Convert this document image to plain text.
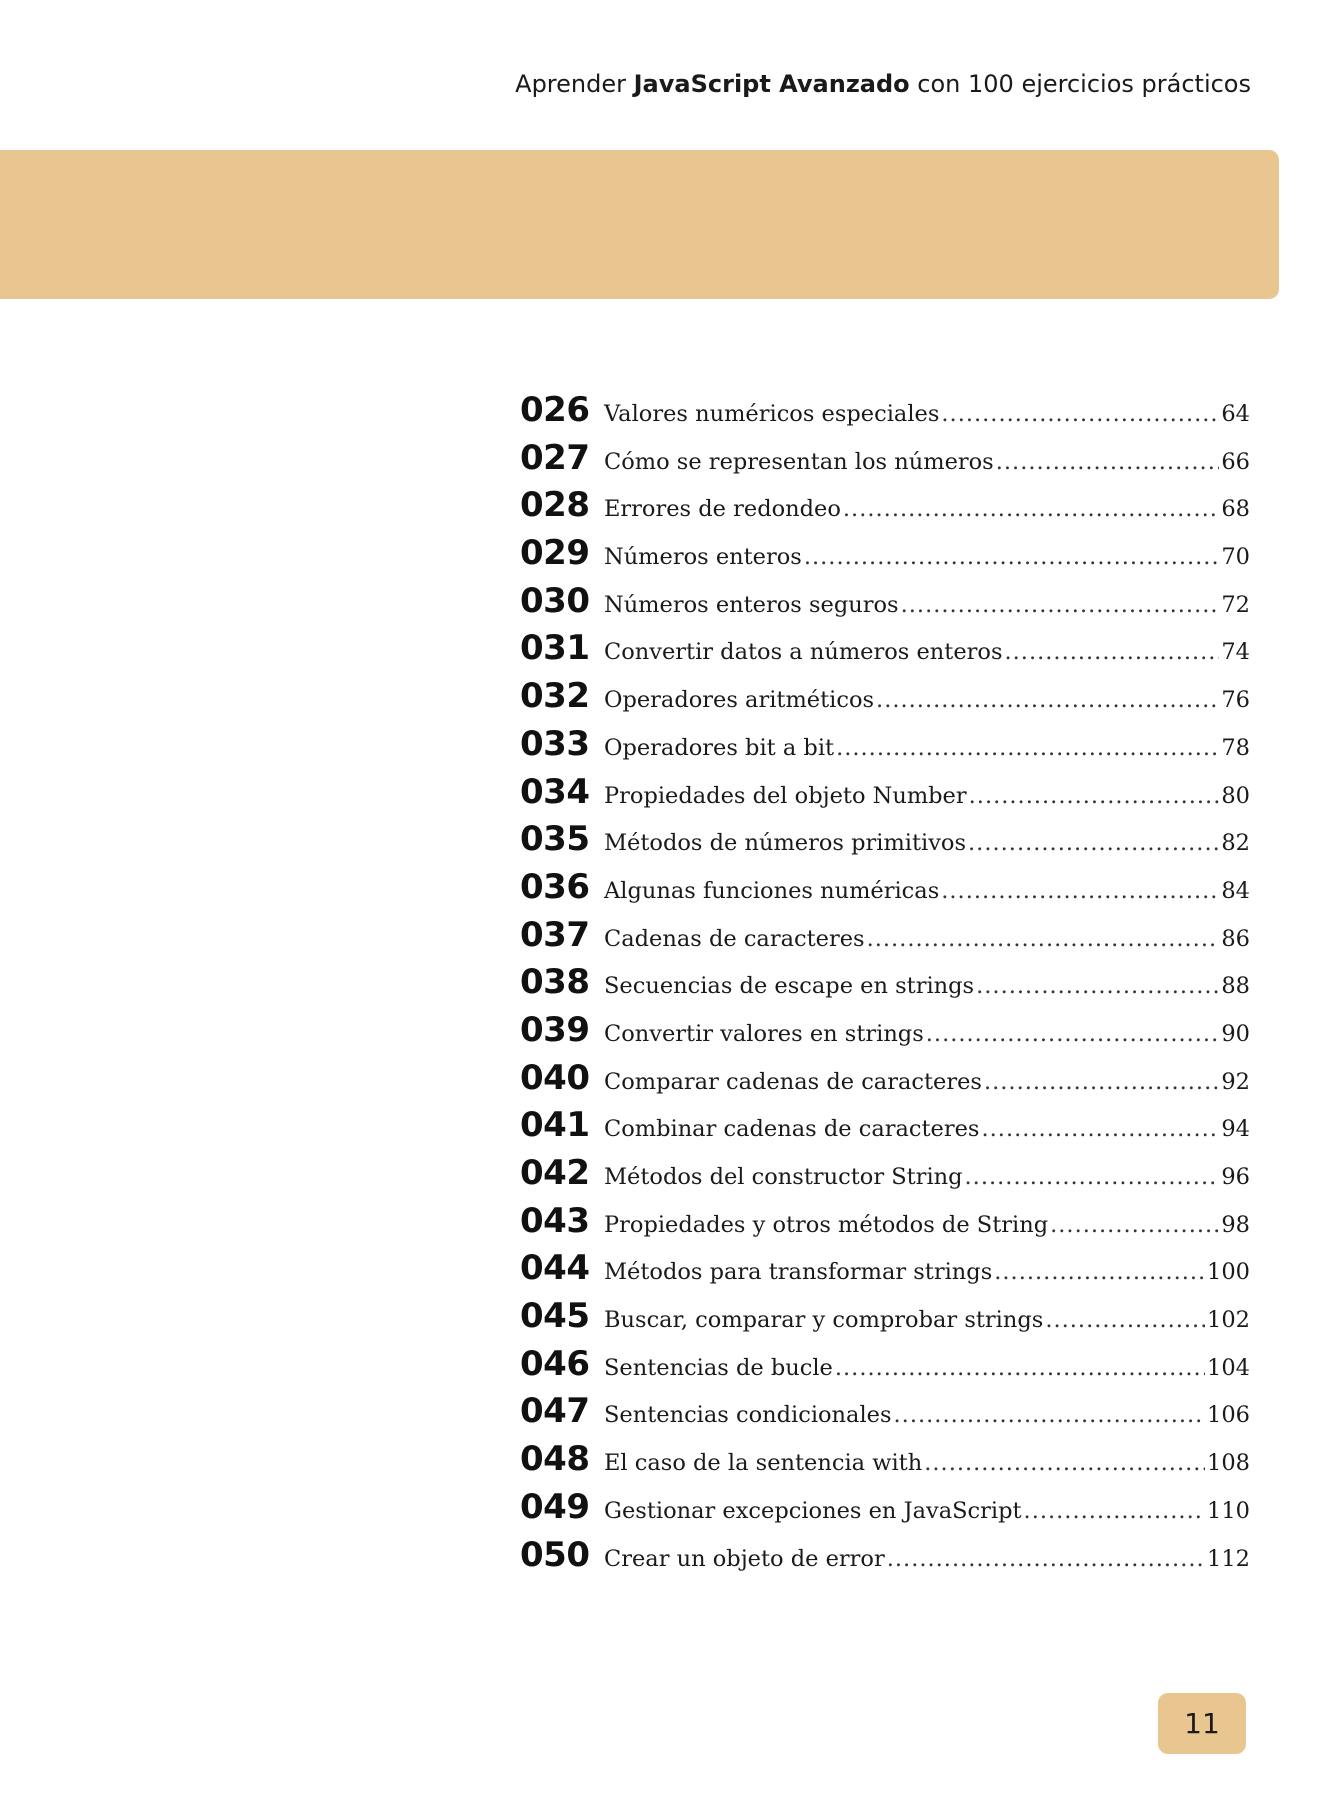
Aprender JavaScript Avanzado con 100 ejercicios prácticos
026 Valores numéricos especiales .....	64
027 Cómo se representan los números .....	66
028 Errores de redondeo .....	68
029 Números enteros .....	70
030 Números enteros seguros .....	72
031 Convertir datos a números enteros .....	74
032 Operadores aritméticos .....	76
033 Operadores bit a bit .....	78
034 Propiedades del objeto Number .....	80
035 Métodos de números primitivos .....	82
036 Algunas funciones numéricas .....	84
037 Cadenas de caracteres .....	86
038 Secuencias de escape en strings .....	88
039 Convertir valores en strings .....	90
040 Comparar cadenas de caracteres .....	92
041 Combinar cadenas de caracteres .....	94
042 Métodos del constructor String .....	96
043 Propiedades y otros métodos de String .....	98
044 Métodos para transformar strings .....	100
045 Buscar, comparar y comprobar strings .....	102
046 Sentencias de bucle .....	104
047 Sentencias condicionales .....	106
048 El caso de la sentencia with .....	108
049 Gestionar excepciones en JavaScript .....	110
050 Crear un objeto de error .....	112
11
